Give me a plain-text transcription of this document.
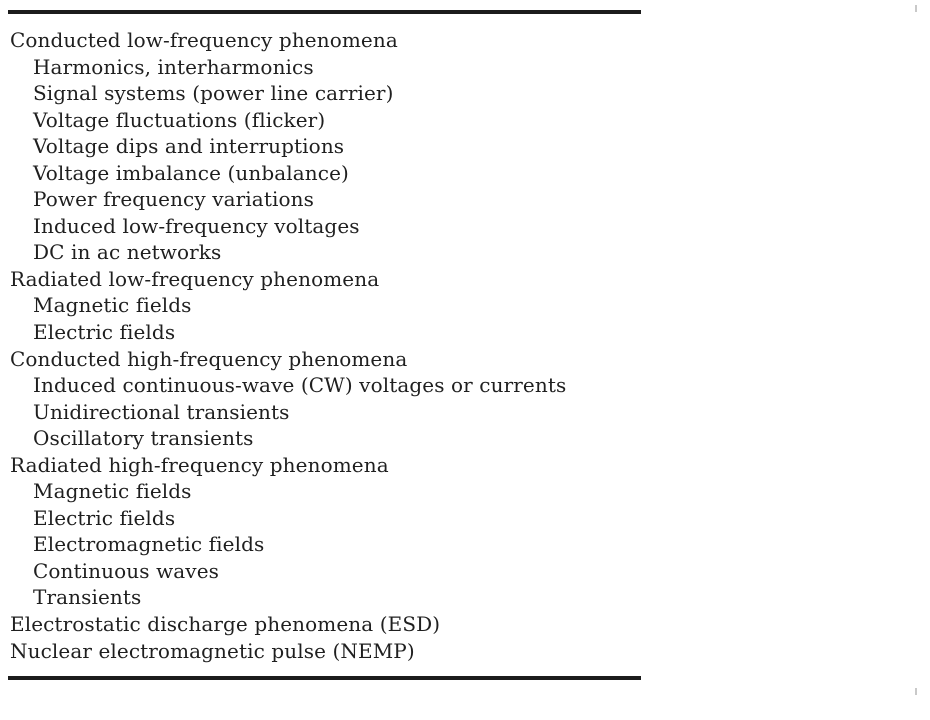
Conducted low-frequency phenomena
Harmonics, interharmonics
Signal systems (power line carrier)
Voltage fluctuations (flicker)
Voltage dips and interruptions
Voltage imbalance (unbalance)
Power frequency variations
Induced low-frequency voltages
DC in ac networks
Radiated low-frequency phenomena
Magnetic fields
Electric fields
Conducted high-frequency phenomena
Induced continuous-wave (CW) voltages or currents
Unidirectional transients
Oscillatory transients
Radiated high-frequency phenomena
Magnetic fields
Electric fields
Electromagnetic fields
Continuous waves
Transients
Electrostatic discharge phenomena (ESD)
Nuclear electromagnetic pulse (NEMP)
